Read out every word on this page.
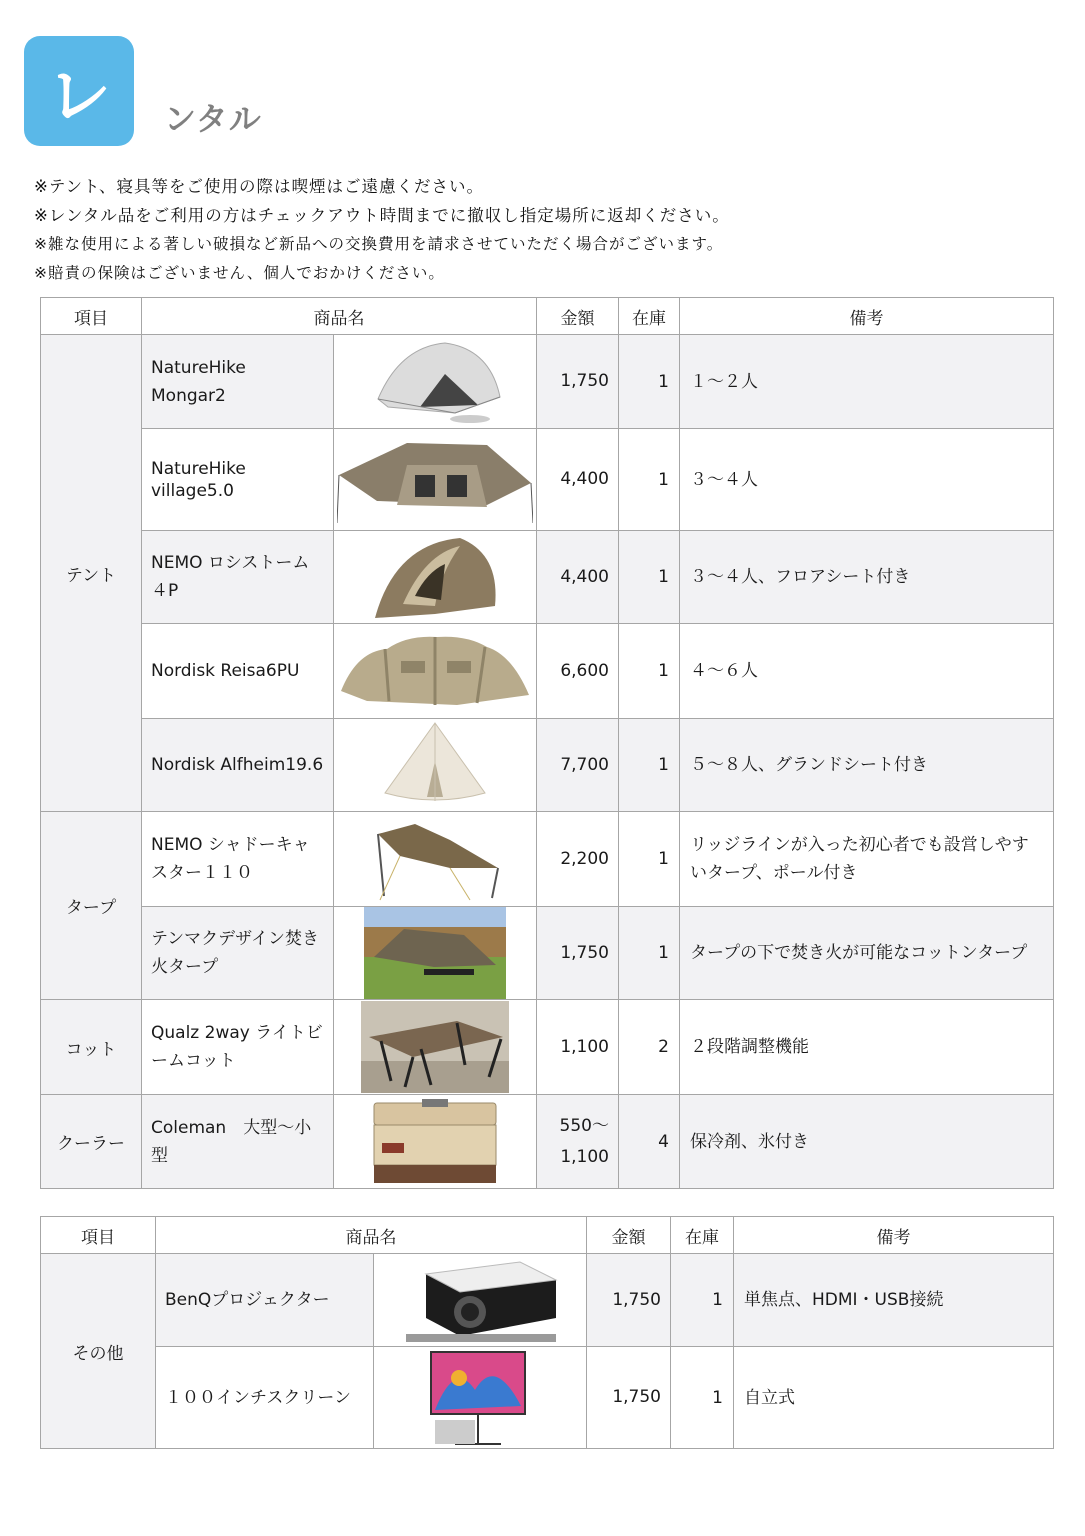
レ ンタル
※テント、寝具等をご使用の際は喫煙はご遠慮ください。
※レンタル品をご利用の方はチェックアウト時間までに撤収し指定場所に返却ください。
※雑な使用による著しい破損など新品への交換費用を請求させていただく場合がございます。
※賠責の保険はございません、個人でおかけください。
項目	商品名		金額	在庫	備考
テント	NatureHike Mongar2		1,750	1	１～２人
	NatureHike village5.0		4,400	1	３～４人
	NEMO ロシストーム ４P		4,400	1	３～４人、フロアシート付き
	Nordisk Reisa6PU		6,600	1	４～６人
	Nordisk Alfheim19.6		7,700	1	５～８人、グランドシート付き
タープ	NEMO シャドーキャスター１１０		2,200	1	リッジラインが入った初心者でも設営しやすいタープ、ポール付き
	テンマクデザイン焚き火タープ		1,750	1	タープの下で焚き火が可能なコットンタープ
コット	Qualz 2way ライトビームコット		1,100	2	２段階調整機能
クーラー	Coleman　大型～小型		550～1,100	4	保冷剤、氷付き
項目	商品名		金額	在庫	備考
その他	BenQプロジェクター		1,750	1	単焦点、HDMI・USB接続
	１００インチスクリーン		1,750	1	自立式
